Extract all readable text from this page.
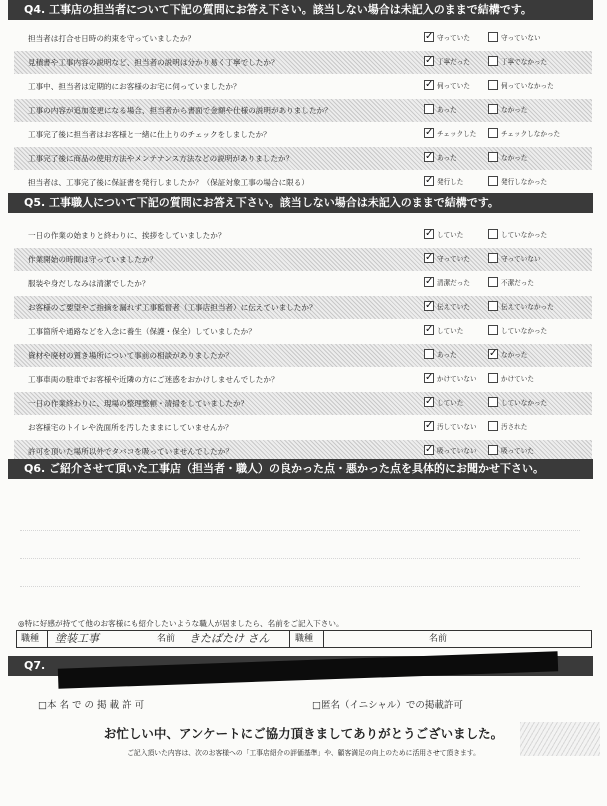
Q4. 工事店の担当者について下記の質問にお答え下さい。該当しない場合は未記入のままで結構です。
担当者は打合せ日時の約束を守っていましたか？	✓ 守っていた	守っていない
見積書や工事内容の説明など、担当者の説明は分かり易く丁寧でしたか？	✓ 丁寧だった	丁寧でなかった
工事中、担当者は定期的にお客様のお宅に伺っていましたか？	✓ 伺っていた	伺っていなかった
工事の内容が追加変更になる場合、担当者から書面で金額や仕様の説明がありましたか？	あった	なかった
工事完了後に担当者はお客様と一緒に仕上りのチェックをしましたか？	✓ チェックした	チェックしなかった
工事完了後に商品の使用方法やメンテナンス方法などの説明がありましたか？	✓ あった	なかった
担当者は、工事完了後に保証書を発行しましたか？（保証対象工事の場合に限る）	✓ 発行した	発行しなかった
Q5. 工事職人について下記の質問にお答え下さい。該当しない場合は未記入のままで結構です。
一日の作業の始まりと終わりに、挨拶をしていましたか？	✓ していた	していなかった
作業開始の時間は守っていましたか？	✓ 守っていた	守っていない
服装や身だしなみは清潔でしたか？	✓ 清潔だった	不潔だった
お客様のご要望やご指摘を漏れず工事監督者（工事店担当者）に伝えていましたか？	✓ 伝えていた	伝えていなかった
工事箇所や通路などを入念に養生（保護・保全）していましたか？	✓ していた	していなかった
資材や廃材の置き場所について事前の相談がありましたか？	あった	✓ なかった
工事車両の駐車でお客様や近隣の方にご迷惑をおかけしませんでしたか？	✓ かけていない	かけていた
一日の作業終わりに、現場の整理整頓・清掃をしていましたか？	✓ していた	していなかった
お客様宅のトイレや洗面所を汚したままにしていませんか？	✓ 汚していない	汚された
許可を頂いた場所以外でタバコを吸っていませんでしたか？	✓ 吸っていない	吸っていた
Q6. ご紹介させて頂いた工事店（担当者・職人）の良かった点・悪かった点を具体的にお聞かせ下さい。
◎特に好感が持てて他のお客様にも紹介したいような職人が居ましたら、名前をご記入下さい。
職種 塗装工事	名前 きたばたけ さん	職種	名前
Q7.
□本 名 で の 掲 載 許 可	□匿名（イニシャル）での掲載許可
お忙しい中、アンケートにご協力頂きましてありがとうございました。
ご記入頂いた内容は、次のお客様への「工事店紹介の評価基準」や、顧客満足の向上のために活用させて頂きます。
